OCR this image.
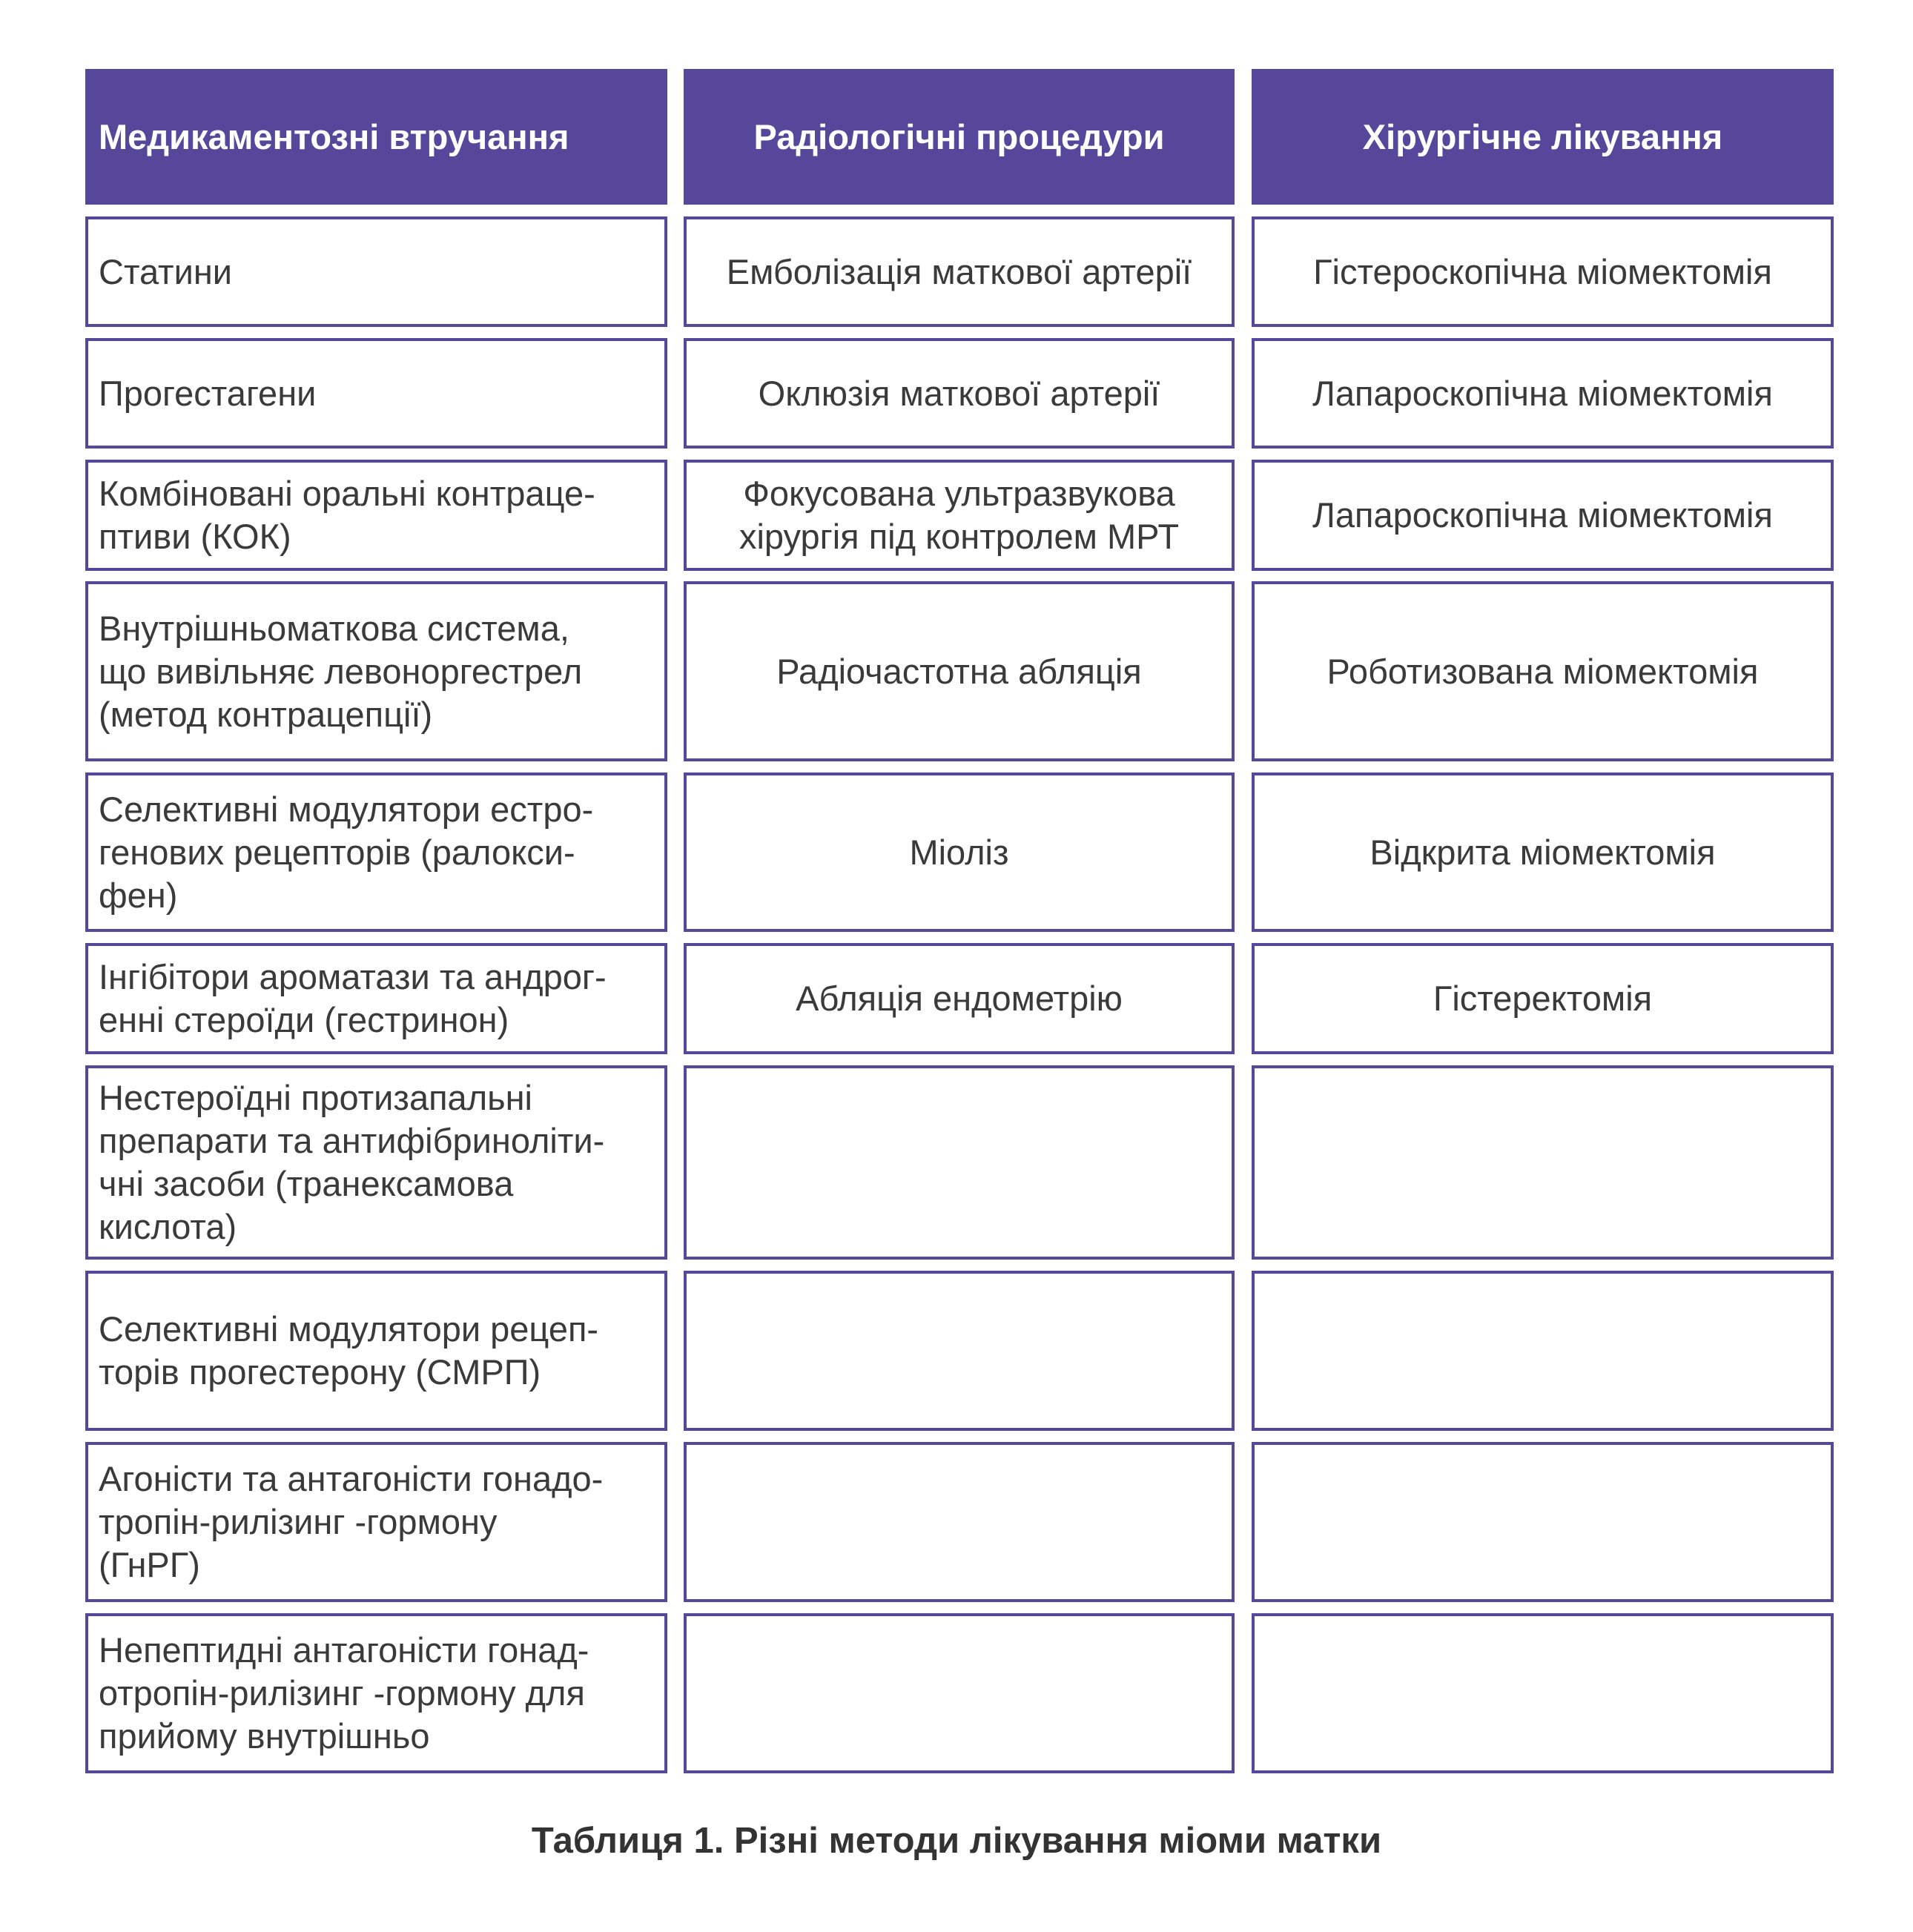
Медикаментозні втручання
Статини
Прогестагени
Комбіновані оральні контраце-
птиви (КОК)
Внутрішньоматкова система,
що вивільняє левоноргестрел
(метод контрацепції)
Селективні модулятори естро-
генових рецепторів (ралокси-
фен)
Інгібітори ароматази та андрог-
енні стероїди (гестринон)
Нестероїдні протизапальні
препарати та антифібринолiти-
чні засоби (транексамова
кислота)
Селективні модулятори рецеп-
торів прогестерону (СМРП)
Агоністи та антагоністи гонадо-
тропін-рилізинг -гормону
(ГнРГ)
Непептидні антагоністи гонад-
отропін-рилізинг -гормону для
прийому внутрішньо
Радіологічні процедури
Емболізація маткової артерії
Оклюзія маткової артерії
Фокусована ультразвукова
хірургія під контролем МРТ
Радіочастотна абляція
Міоліз
Абляція ендометрію
Хірургічне лікування
Гістероскопічна міомектомія
Лапароскопічна міомектомія
Лапароскопічна міомектомія
Роботизована міомектомія
Відкрита міомектомія
Гістеректомія
Таблиця 1. Різні методи лікування міоми матки
